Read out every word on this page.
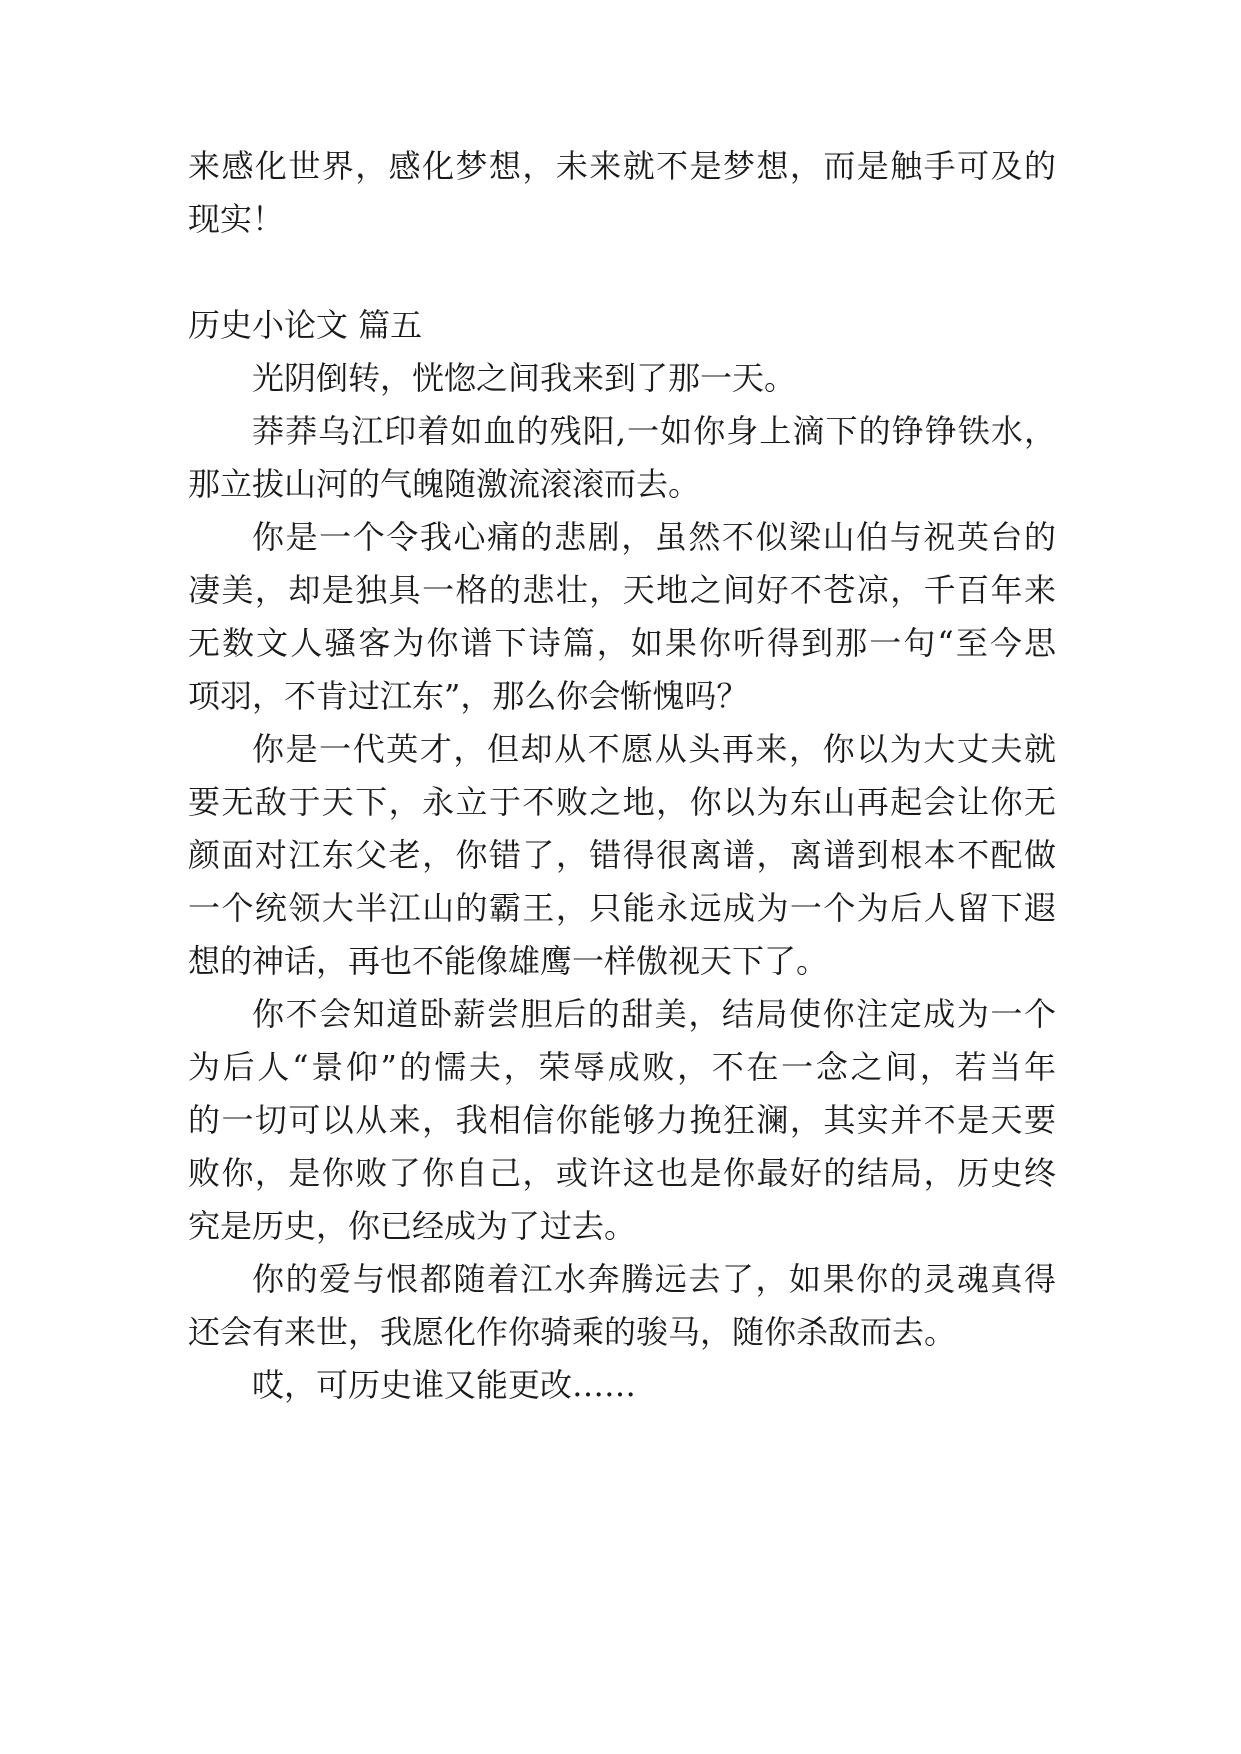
来感化世界，感化梦想，未来就不是梦想，而是触手可及的
现实！
历史小论文 篇五
光阴倒转，恍惚之间我来到了那一天。
莽莽乌江印着如血的残阳,一如你身上滴下的铮铮铁水，
那立拔山河的气魄随激流滚滚而去。
你是一个令我心痛的悲剧，虽然不似梁山伯与祝英台的
凄美，却是独具一格的悲壮，天地之间好不苍凉，千百年来
无数文人骚客为你谱下诗篇，如果你听得到那一句“至今思
项羽，不肯过江东”，那么你会惭愧吗？
你是一代英才，但却从不愿从头再来，你以为大丈夫就
要无敌于天下，永立于不败之地，你以为东山再起会让你无
颜面对江东父老，你错了，错得很离谱，离谱到根本不配做
一个统领大半江山的霸王，只能永远成为一个为后人留下遐
想的神话，再也不能像雄鹰一样傲视天下了。
你不会知道卧薪尝胆后的甜美，结局使你注定成为一个
为后人“景仰”的懦夫，荣辱成败，不在一念之间，若当年
的一切可以从来，我相信你能够力挽狂澜，其实并不是天要
败你，是你败了你自己，或许这也是你最好的结局，历史终
究是历史，你已经成为了过去。
你的爱与恨都随着江水奔腾远去了，如果你的灵魂真得
还会有来世，我愿化作你骑乘的骏马，随你杀敌而去。
哎，可历史谁又能更改……
